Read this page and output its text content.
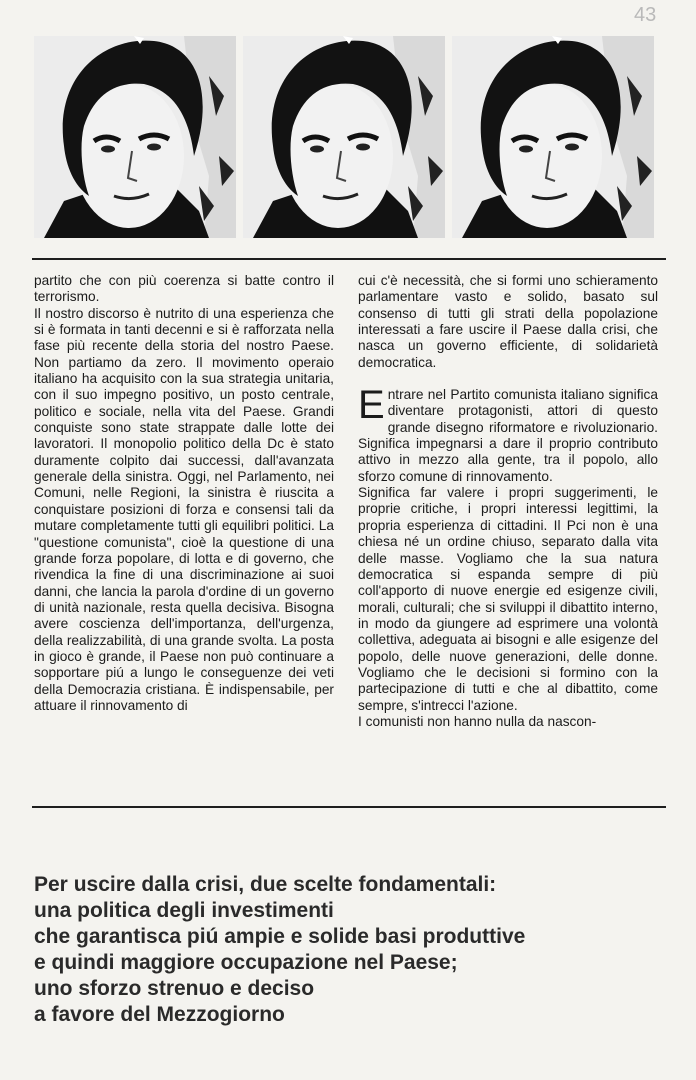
43

partito che con più coerenza si batte contro il terrorismo.

Il nostro discorso è nutrito di una esperienza che si è formata in tanti decenni e si è rafforzata nella fase più recente della storia del nostro Paese. Non partiamo da zero. Il movimento operaio italiano ha acquisito con la sua strategia unitaria, con il suo impegno positivo, un posto centrale, politico e sociale, nella vita del Paese. Grandi conquiste sono state strappate dalle lotte dei lavoratori. Il monopolio politico della Dc è stato duramente colpito dai successi, dall'avanzata generale della sinistra. Oggi, nel Parlamento, nei Comuni, nelle Regioni, la sinistra è riuscita a conquistare posizioni di forza e consensi tali da mutare completamente tutti gli equilibri politici. La "questione comunista", cioè la questione di una grande forza popolare, di lotta e di governo, che rivendica la fine di una discriminazione ai suoi danni, che lancia la parola d'ordine di un governo di unità nazionale, resta quella decisiva. Bisogna avere coscienza dell'importanza, dell'urgenza, della realizzabilità, di una grande svolta. La posta in gioco è grande, il Paese non può continuare a sopportare piú a lungo le conseguenze dei veti della Democrazia cristiana. È indispensabile, per attuare il rinnovamento di

cui c'è necessità, che si formi uno schieramento parlamentare vasto e solido, basato sul consenso di tutti gli strati della popolazione interessati a fare uscire il Paese dalla crisi, che nasca un governo efficiente, di solidarietà democratica.

Entrare nel Partito comunista italiano significa diventare protagonisti, attori di questo grande disegno riformatore e rivoluzionario. Significa impegnarsi a dare il proprio contributo attivo in mezzo alla gente, tra il popolo, allo sforzo comune di rinnovamento.

Significa far valere i propri suggerimenti, le proprie critiche, i propri interessi legittimi, la propria esperienza di cittadini. Il Pci non è una chiesa né un ordine chiuso, separato dalla vita delle masse. Vogliamo che la sua natura democratica si espanda sempre di più coll'apporto di nuove energie ed esigenze civili, morali, culturali; che si sviluppi il dibattito interno, in modo da giungere ad esprimere una volontà collettiva, adeguata ai bisogni e alle esigenze del popolo, delle nuove generazioni, delle donne. Vogliamo che le decisioni si formino con la partecipazione di tutti e che al dibattito, come sempre, s'intrecci l'azione.

I comunisti non hanno nulla da nascon-

Per uscire dalla crisi, due scelte fondamentali:
una politica degli investimenti
che garantisca piú ampie e solide basi produttive
e quindi maggiore occupazione nel Paese;
uno sforzo strenuo e deciso
a favore del Mezzogiorno
